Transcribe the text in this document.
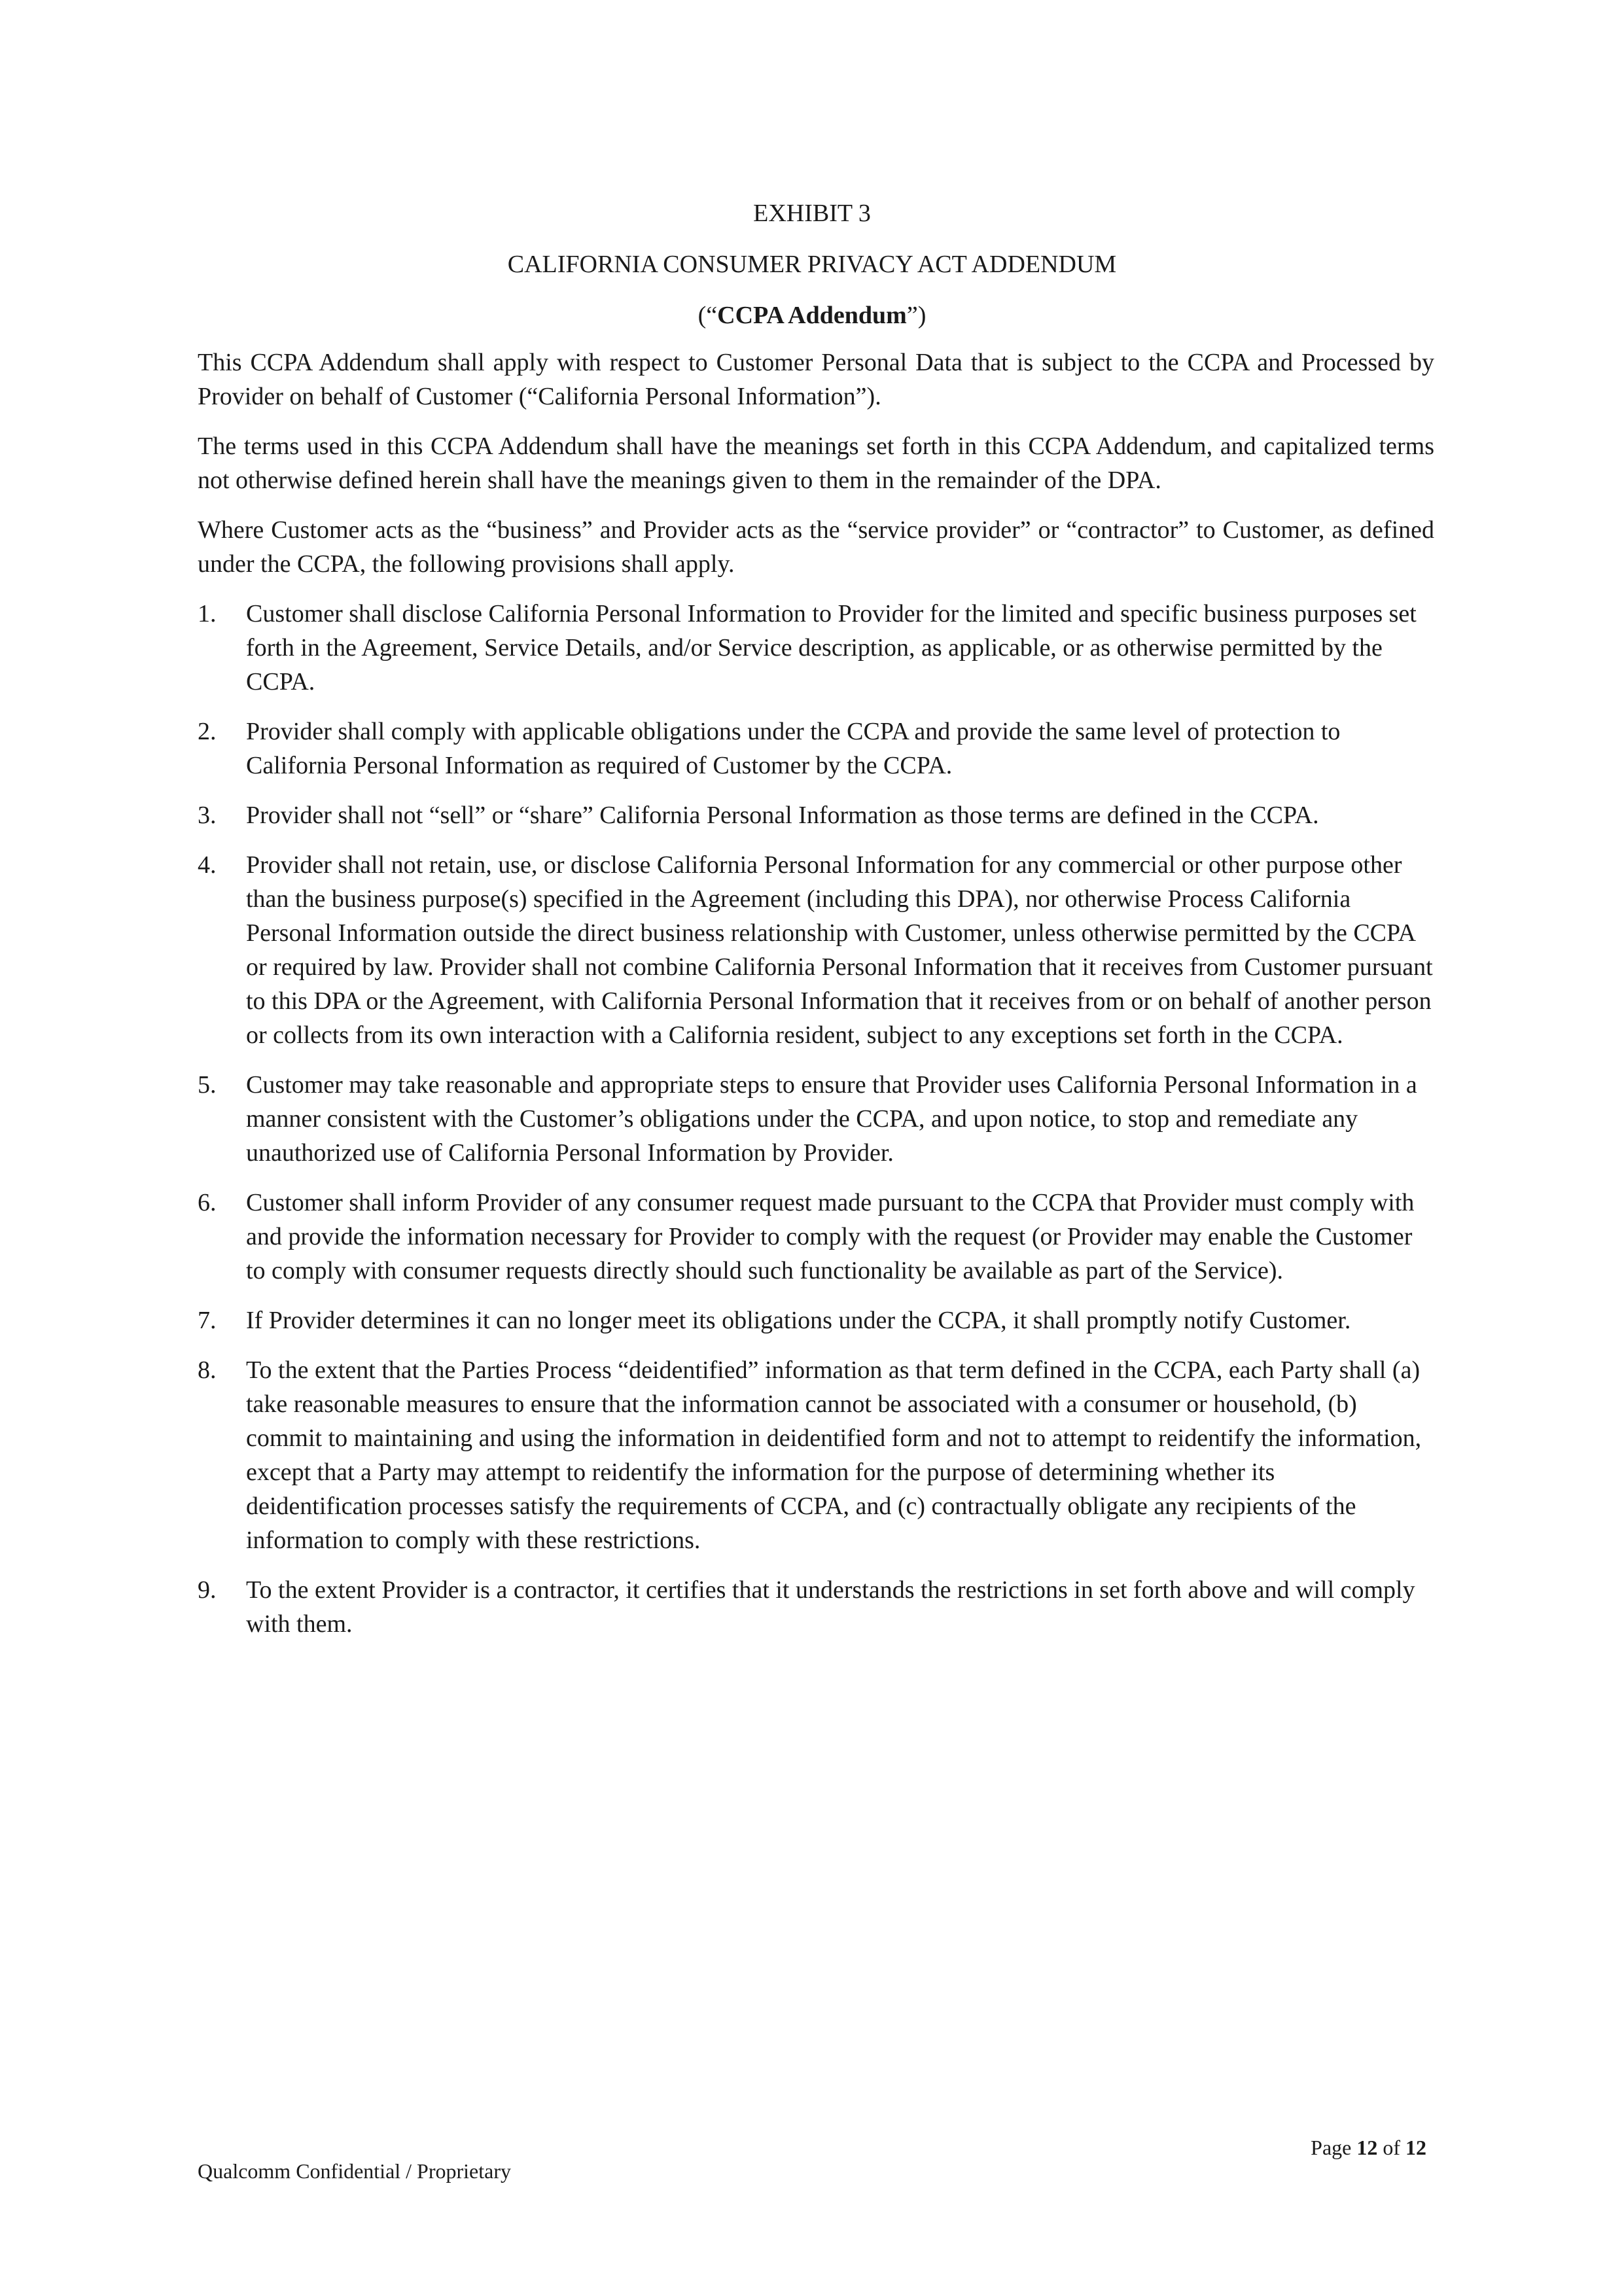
EXHIBIT 3
CALIFORNIA CONSUMER PRIVACY ACT ADDENDUM
(“CCPA Addendum”)

This CCPA Addendum shall apply with respect to Customer Personal Data that is subject to the CCPA and Processed by Provider on behalf of Customer (“California Personal Information”).

The terms used in this CCPA Addendum shall have the meanings set forth in this CCPA Addendum, and capitalized terms not otherwise defined herein shall have the meanings given to them in the remainder of the DPA.

Where Customer acts as the “business” and Provider acts as the “service provider” or “contractor” to Customer, as defined under the CCPA, the following provisions shall apply.

1. Customer shall disclose California Personal Information to Provider for the limited and specific business purposes set forth in the Agreement, Service Details, and/or Service description, as applicable, or as otherwise permitted by the CCPA.
2. Provider shall comply with applicable obligations under the CCPA and provide the same level of protection to California Personal Information as required of Customer by the CCPA.
3. Provider shall not “sell” or “share” California Personal Information as those terms are defined in the CCPA.
4. Provider shall not retain, use, or disclose California Personal Information for any commercial or other purpose other than the business purpose(s) specified in the Agreement (including this DPA), nor otherwise Process California Personal Information outside the direct business relationship with Customer, unless otherwise permitted by the CCPA or required by law. Provider shall not combine California Personal Information that it receives from Customer pursuant to this DPA or the Agreement, with California Personal Information that it receives from or on behalf of another person or collects from its own interaction with a California resident, subject to any exceptions set forth in the CCPA.
5. Customer may take reasonable and appropriate steps to ensure that Provider uses California Personal Information in a manner consistent with the Customer’s obligations under the CCPA, and upon notice, to stop and remediate any unauthorized use of California Personal Information by Provider.
6. Customer shall inform Provider of any consumer request made pursuant to the CCPA that Provider must comply with and provide the information necessary for Provider to comply with the request (or Provider may enable the Customer to comply with consumer requests directly should such functionality be available as part of the Service).
7. If Provider determines it can no longer meet its obligations under the CCPA, it shall promptly notify Customer.
8. To the extent that the Parties Process “deidentified” information as that term defined in the CCPA, each Party shall (a) take reasonable measures to ensure that the information cannot be associated with a consumer or household, (b) commit to maintaining and using the information in deidentified form and not to attempt to reidentify the information, except that a Party may attempt to reidentify the information for the purpose of determining whether its deidentification processes satisfy the requirements of CCPA, and (c) contractually obligate any recipients of the information to comply with these restrictions.
9. To the extent Provider is a contractor, it certifies that it understands the restrictions in set forth above and will comply with them.
Page 12 of 12
Qualcomm Confidential / Proprietary
